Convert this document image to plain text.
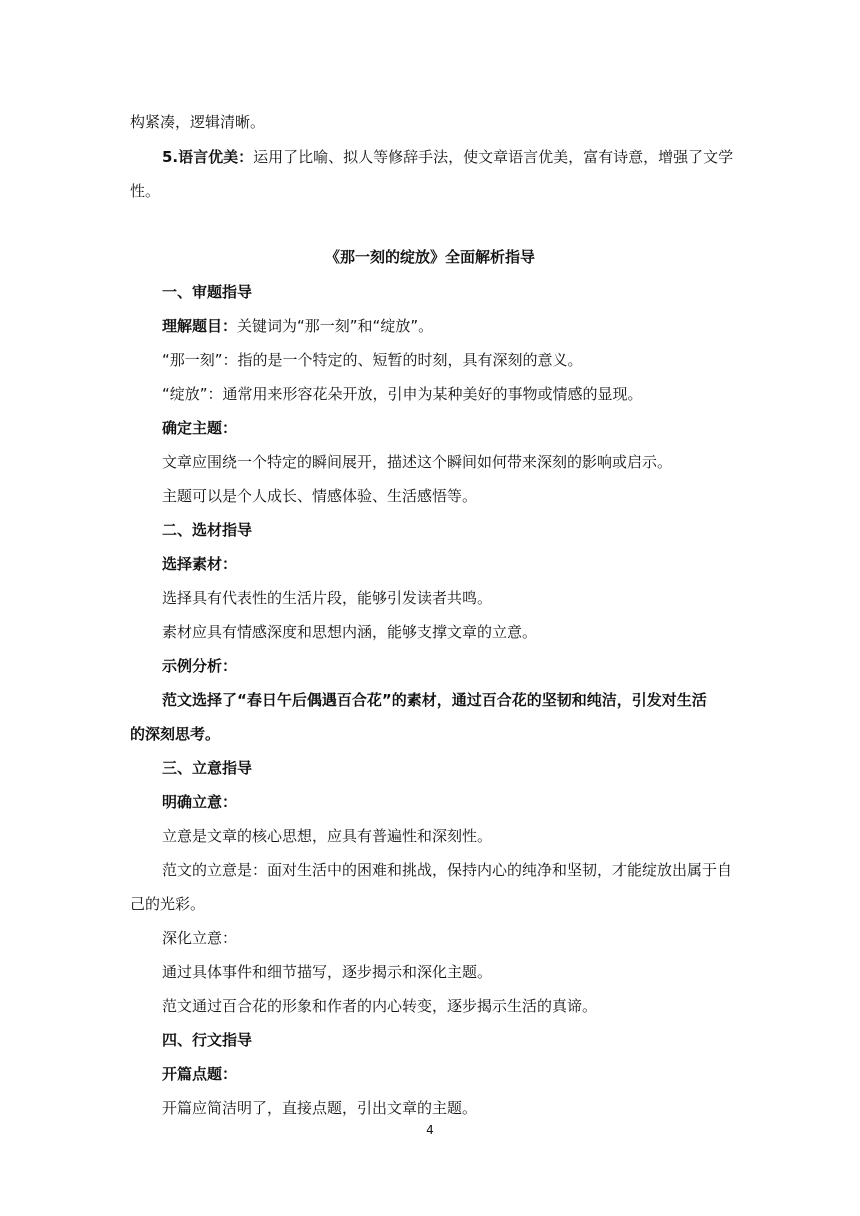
构紧凑，逻辑清晰。
5.语言优美：运用了比喻、拟人等修辞手法，使文章语言优美，富有诗意，增强了文学
性。
《那一刻的绽放》全面解析指导
一、审题指导
理解题目：关键词为“那一刻”和“绽放”。
“那一刻”：指的是一个特定的、短暂的时刻，具有深刻的意义。
“绽放”：通常用来形容花朵开放，引申为某种美好的事物或情感的显现。
确定主题：
文章应围绕一个特定的瞬间展开，描述这个瞬间如何带来深刻的影响或启示。
主题可以是个人成长、情感体验、生活感悟等。
二、选材指导
选择素材：
选择具有代表性的生活片段，能够引发读者共鸣。
素材应具有情感深度和思想内涵，能够支撑文章的立意。
示例分析：
范文选择了“春日午后偶遇百合花”的素材，通过百合花的坚韧和纯洁，引发对生活
的深刻思考。
三、立意指导
明确立意：
立意是文章的核心思想，应具有普遍性和深刻性。
范文的立意是：面对生活中的困难和挑战，保持内心的纯净和坚韧，才能绽放出属于自
己的光彩。
深化立意：
通过具体事件和细节描写，逐步揭示和深化主题。
范文通过百合花的形象和作者的内心转变，逐步揭示生活的真谛。
四、行文指导
开篇点题：
开篇应简洁明了，直接点题，引出文章的主题。
4
